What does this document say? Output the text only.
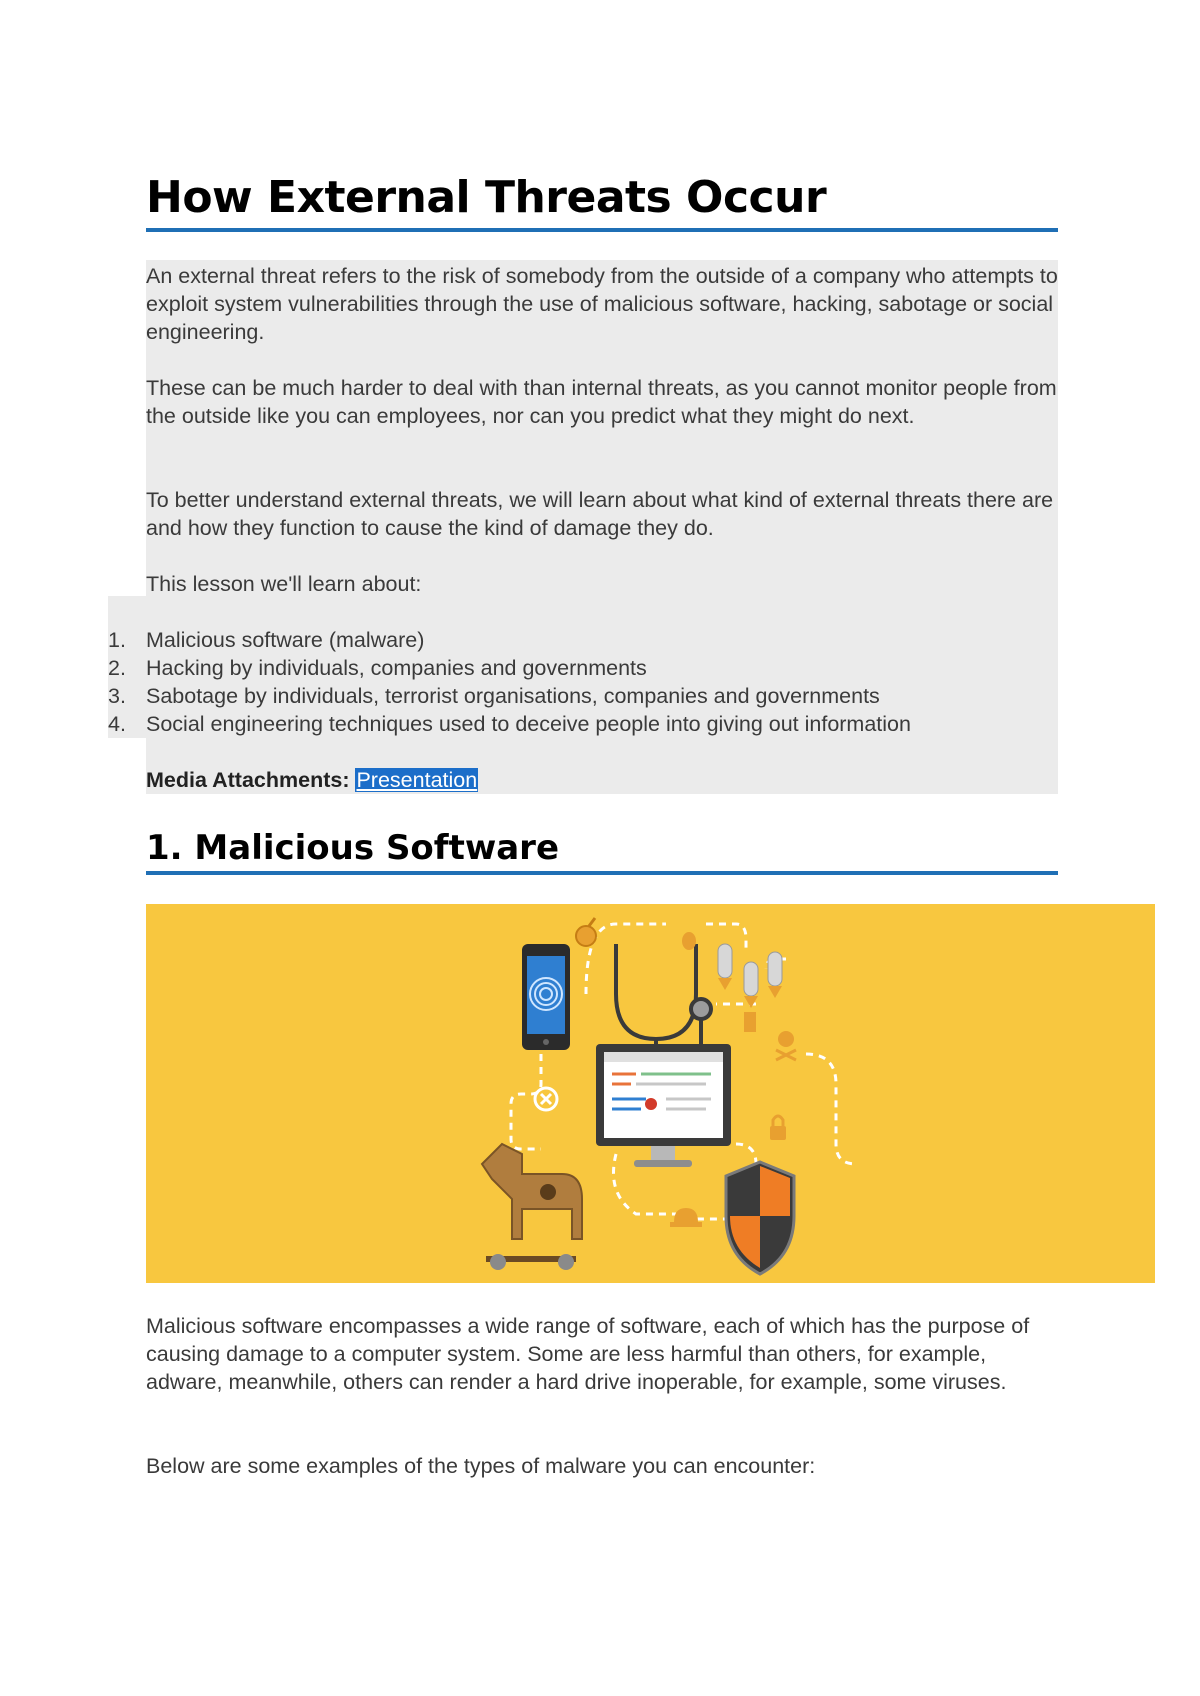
How External Threats Occur

An external threat refers to the risk of somebody from the outside of a company who attempts to exploit system vulnerabilities through the use of malicious software, hacking, sabotage or social engineering.

These can be much harder to deal with than internal threats, as you cannot monitor people from the outside like you can employees, nor can you predict what they might do next.

To better understand external threats, we will learn about what kind of external threats there are and how they function to cause the kind of damage they do.

This lesson we'll learn about:

1. Malicious software (malware)
2. Hacking by individuals, companies and governments
3. Sabotage by individuals, terrorist organisations, companies and governments
4. Social engineering techniques used to deceive people into giving out information
Media Attachments: Presentation
1. Malicious Software

Malicious software encompasses a wide range of software, each of which has the purpose of causing damage to a computer system. Some are less harmful than others, for example, adware, meanwhile, others can render a hard drive inoperable, for example, some viruses.

Below are some examples of the types of malware you can encounter:
